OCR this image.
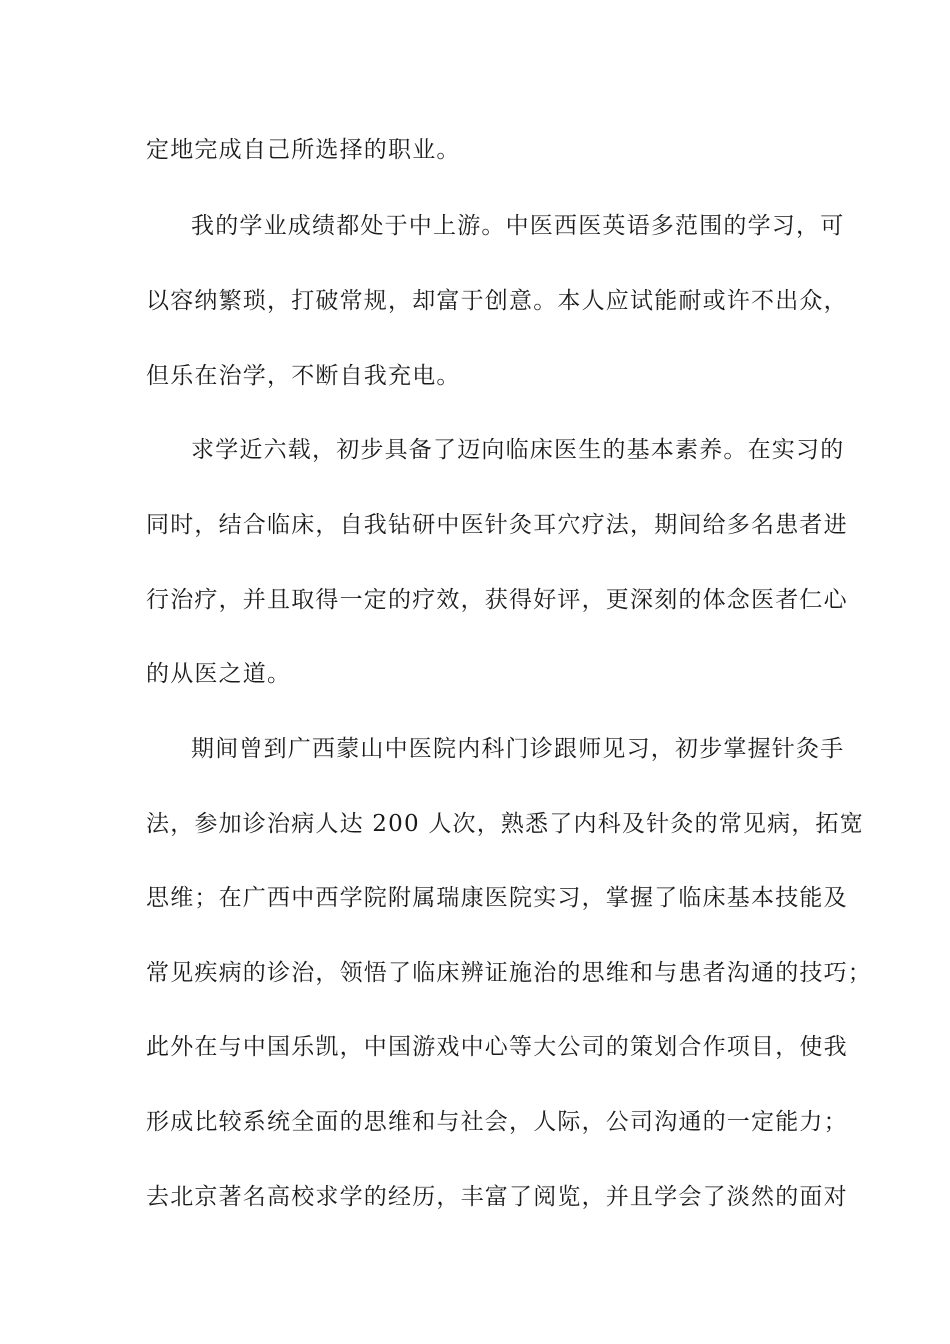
定地完成自己所选择的职业。
我的学业成绩都处于中上游。中医西医英语多范围的学习，可
以容纳繁琐，打破常规，却富于创意。本人应试能耐或许不出众，
但乐在治学，不断自我充电。
求学近六载，初步具备了迈向临床医生的基本素养。在实习的
同时，结合临床，自我钻研中医针灸耳穴疗法，期间给多名患者进
行治疗，并且取得一定的疗效，获得好评，更深刻的体念医者仁心
的从医之道。
期间曾到广西蒙山中医院内科门诊跟师见习，初步掌握针灸手
法，参加诊治病人达 200 人次，熟悉了内科及针灸的常见病，拓宽
思维；在广西中西学院附属瑞康医院实习，掌握了临床基本技能及
常见疾病的诊治，领悟了临床辨证施治的思维和与患者沟通的技巧；
此外在与中国乐凯，中国游戏中心等大公司的策划合作项目，使我
形成比较系统全面的思维和与社会，人际，公司沟通的一定能力；
去北京著名高校求学的经历，丰富了阅览，并且学会了淡然的面对
